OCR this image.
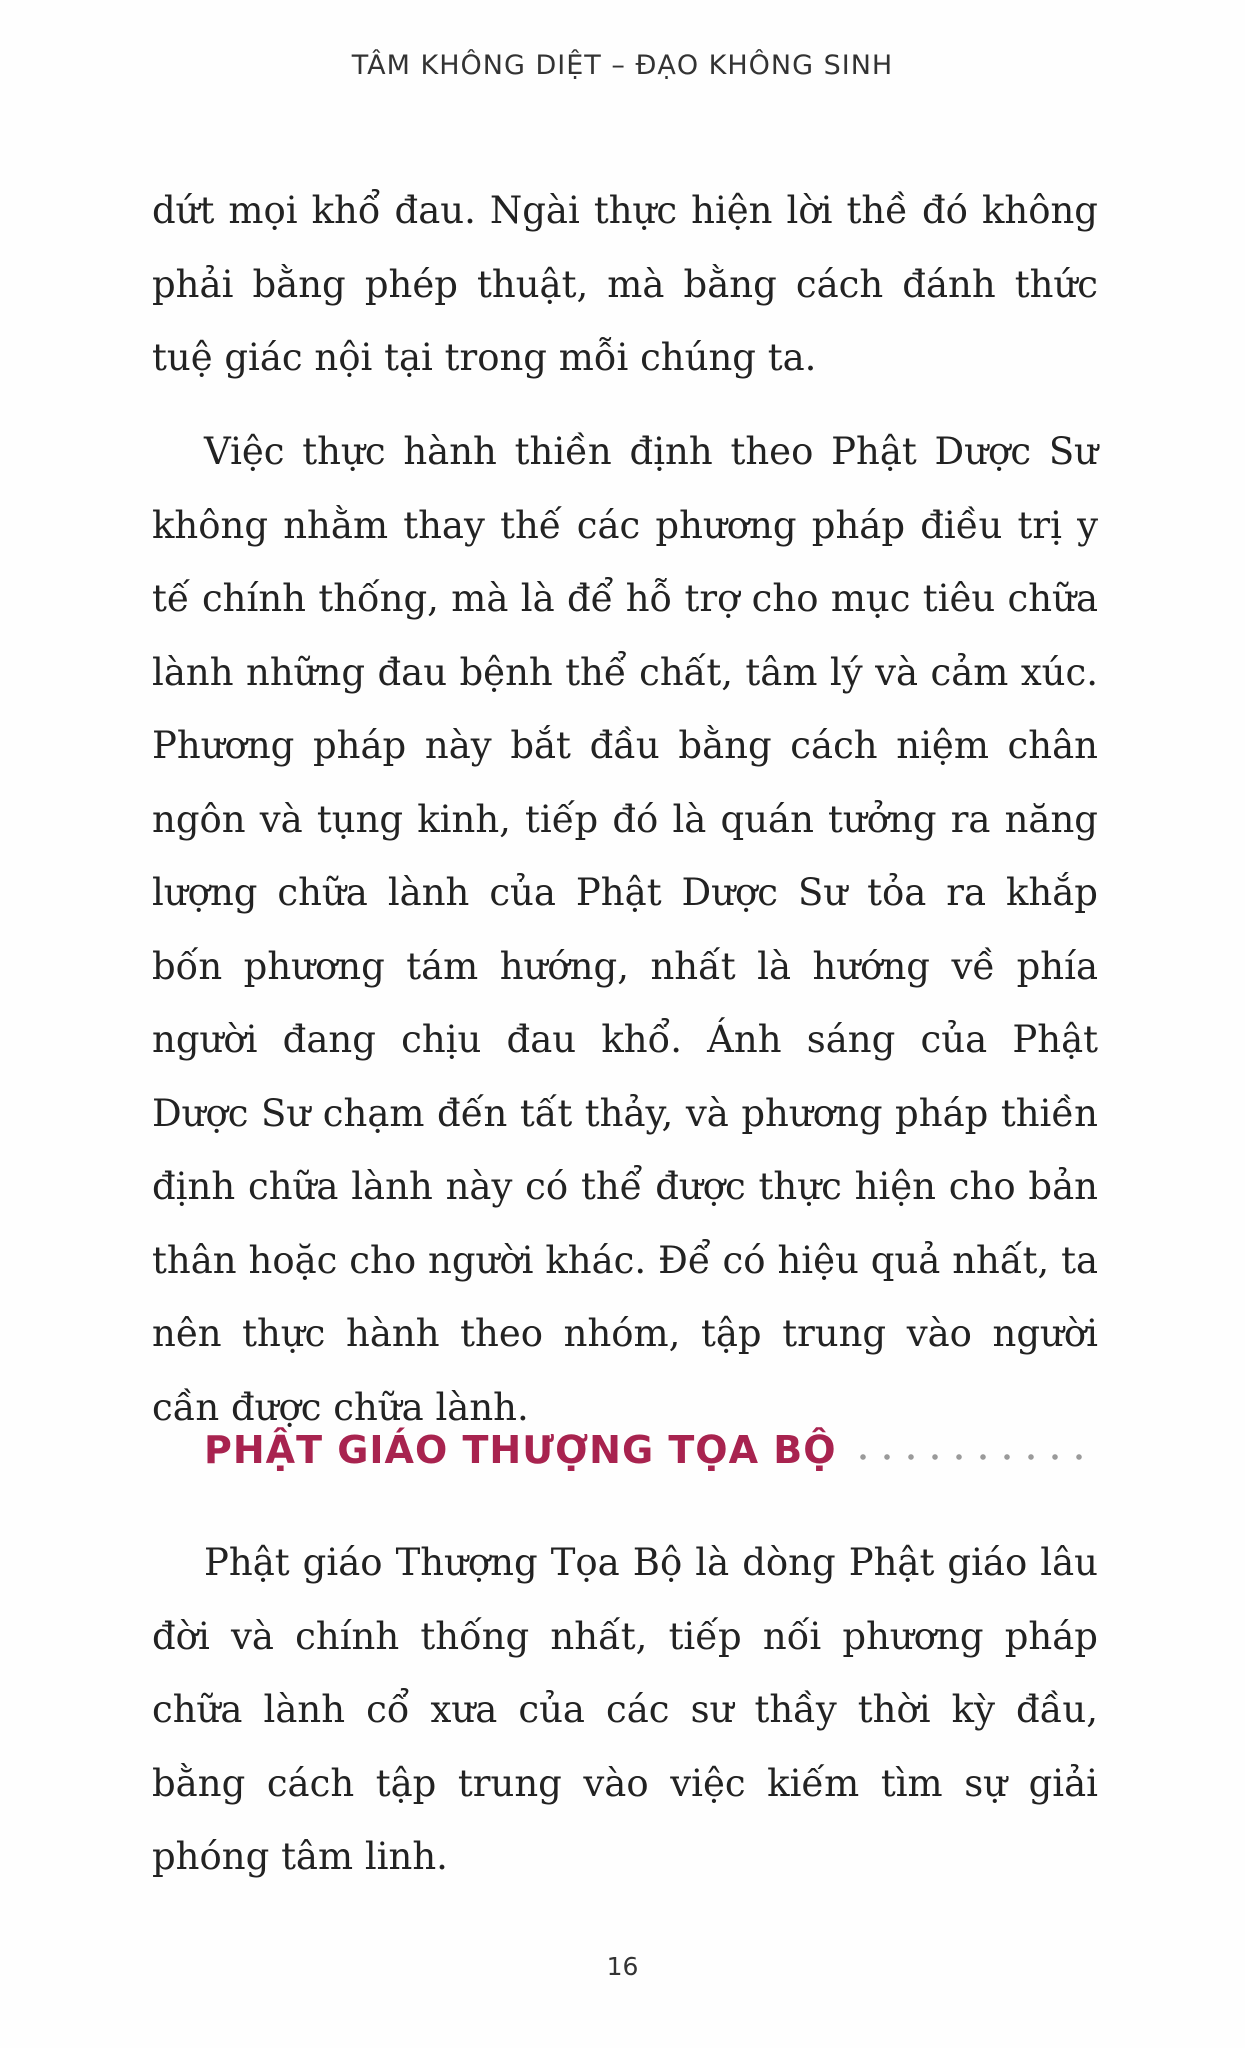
TÂM KHÔNG DIỆT – ĐẠO KHÔNG SINH

dứt mọi khổ đau. Ngài thực hiện lời thề đó không phải bằng phép thuật, mà bằng cách đánh thức tuệ giác nội tại trong mỗi chúng ta.

Việc thực hành thiền định theo Phật Dược Sư không nhằm thay thế các phương pháp điều trị y tế chính thống, mà là để hỗ trợ cho mục tiêu chữa lành những đau bệnh thể chất, tâm lý và cảm xúc. Phương pháp này bắt đầu bằng cách niệm chân ngôn và tụng kinh, tiếp đó là quán tưởng ra năng lượng chữa lành của Phật Dược Sư tỏa ra khắp bốn phương tám hướng, nhất là hướng về phía người đang chịu đau khổ. Ánh sáng của Phật Dược Sư chạm đến tất thảy, và phương pháp thiền định chữa lành này có thể được thực hiện cho bản thân hoặc cho người khác. Để có hiệu quả nhất, ta nên thực hành theo nhóm, tập trung vào người cần được chữa lành.

PHẬT GIÁO THƯỢNG TỌA BỘ

Phật giáo Thượng Tọa Bộ là dòng Phật giáo lâu đời và chính thống nhất, tiếp nối phương pháp chữa lành cổ xưa của các sư thầy thời kỳ đầu, bằng cách tập trung vào việc kiếm tìm sự giải phóng tâm linh.

16
